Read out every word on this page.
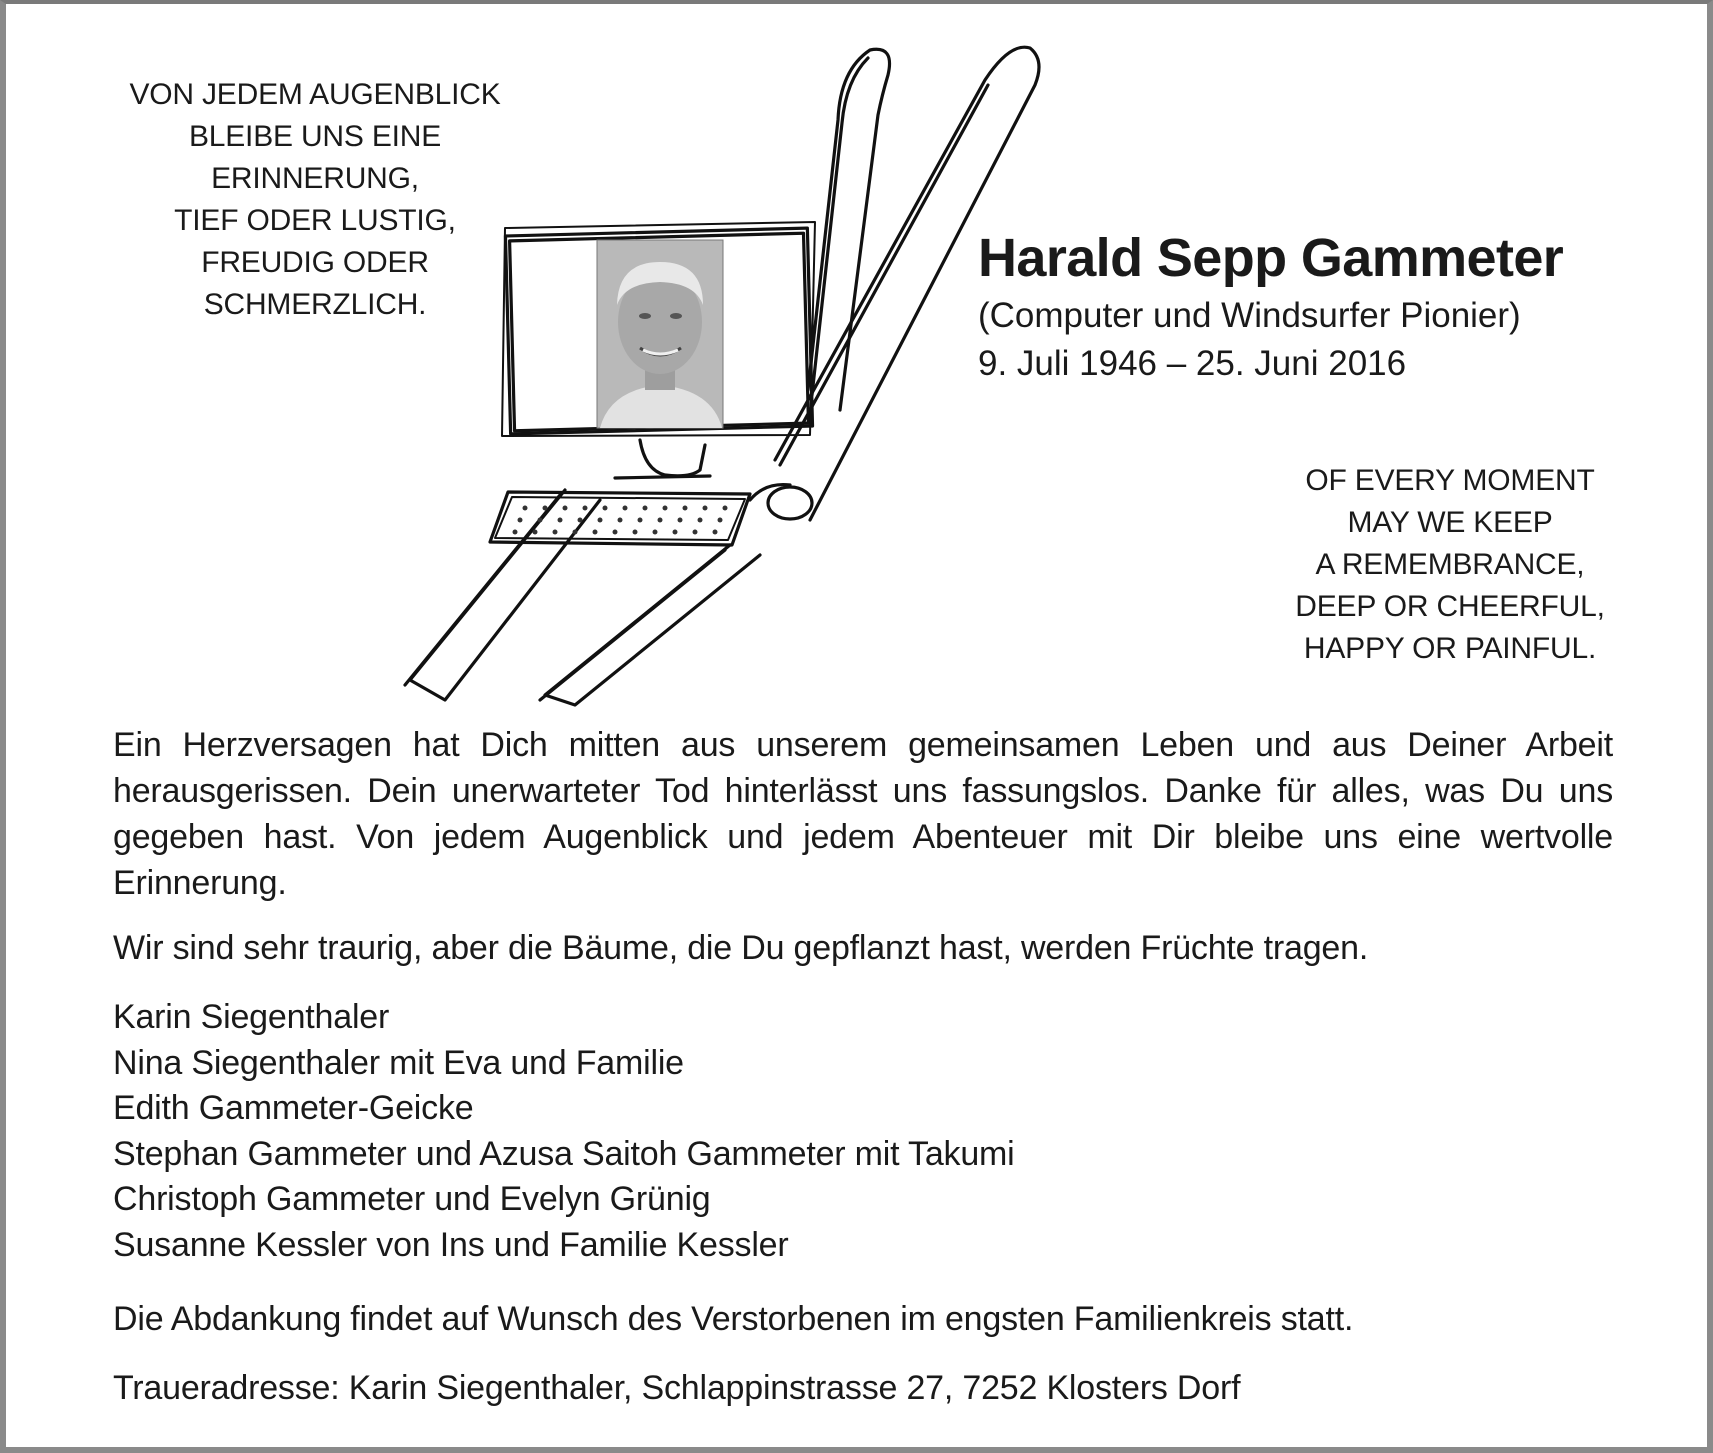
VON JEDEM AUGENBLICK
BLEIBE UNS EINE
ERINNERUNG,
TIEF ODER LUSTIG,
FREUDIG ODER
SCHMERZLICH.
Harald Sepp Gammeter
(Computer und Windsurfer Pionier)
9. Juli 1946 – 25. Juni 2016
OF EVERY MOMENT
MAY WE KEEP
A REMEMBRANCE,
DEEP OR CHEERFUL,
HAPPY OR PAINFUL.
Ein Herzversagen hat Dich mitten aus unserem gemeinsamen Leben und aus Deiner Arbeit herausgerissen. Dein unerwarteter Tod hinterlässt uns fassungslos. Danke für alles, was Du uns gegeben hast. Von jedem Augenblick und jedem Abenteuer mit Dir bleibe uns eine wertvolle Erinnerung.
Wir sind sehr traurig, aber die Bäume, die Du gepflanzt hast, werden Früchte tragen.
Karin Siegenthaler
Nina Siegenthaler mit Eva und Familie
Edith Gammeter-Geicke
Stephan Gammeter und Azusa Saitoh Gammeter mit Takumi
Christoph Gammeter und Evelyn Grünig
Susanne Kessler von Ins und Familie Kessler
Die Abdankung findet auf Wunsch des Verstorbenen im engsten Familienkreis statt.
Traueradresse: Karin Siegenthaler, Schlappinstrasse 27, 7252 Klosters Dorf
